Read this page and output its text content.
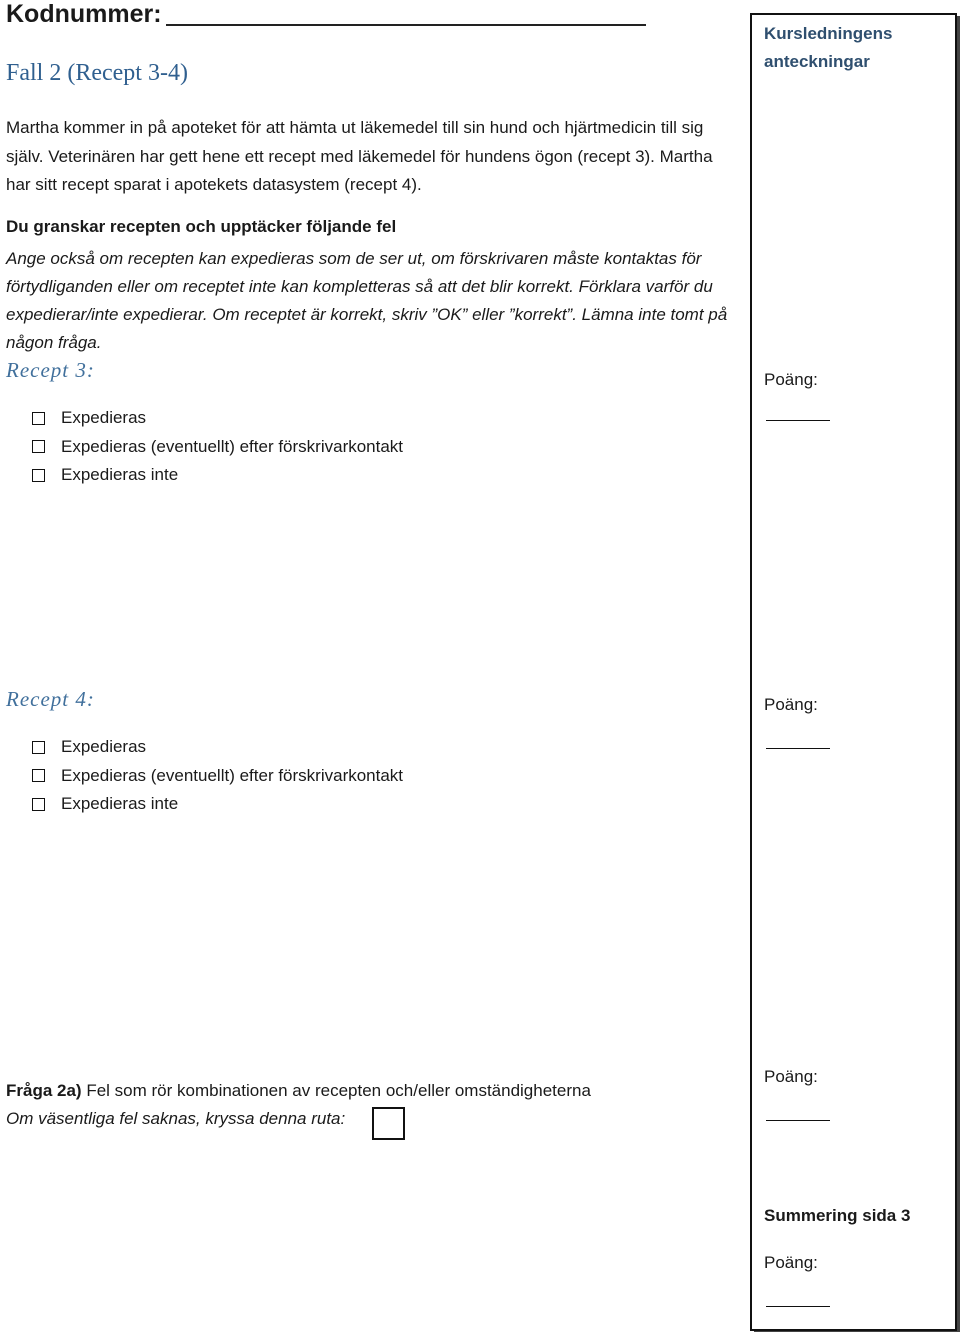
Kodnummer:
Fall 2 (Recept 3-4)
Martha kommer in på apoteket för att hämta ut läkemedel till sin hund och hjärtmedicin till sig själv. Veterinären har gett hene ett recept med läkemedel för hundens ögon (recept 3). Martha har sitt recept sparat i apotekets datasystem (recept 4).
Du granskar recepten och upptäcker följande fel
Ange också om recepten kan expedieras som de ser ut, om förskrivaren måste kontaktas för förtydliganden eller om receptet inte kan kompletteras så att det blir korrekt. Förklara varför du expedierar/inte expedierar. Om receptet är korrekt, skriv ”OK” eller ”korrekt”. Lämna inte tomt på någon fråga.
Recept 3:
Expedieras
Expedieras (eventuellt) efter förskrivarkontakt
Expedieras inte
Recept 4:
Expedieras
Expedieras (eventuellt) efter förskrivarkontakt
Expedieras inte
Fråga 2a) Fel som rör kombinationen av recepten och/eller omständigheterna
Om väsentliga fel saknas, kryssa denna ruta:
Kursledningens anteckningar
Poäng:
Poäng:
Poäng:
Summering sida 3
Poäng:
